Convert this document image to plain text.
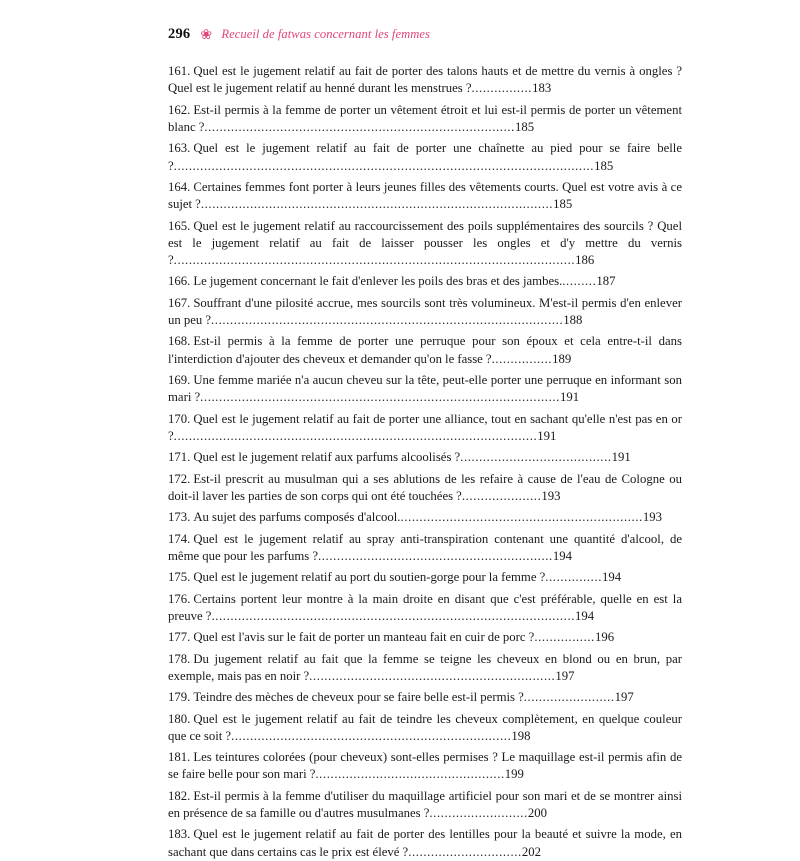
296 ❀ Recueil de fatwas concernant les femmes
161. Quel est le jugement relatif au fait de porter des talons hauts et de mettre du vernis à ongles ? Quel est le jugement relatif au henné durant les menstrues ?................183
162. Est-il permis à la femme de porter un vêtement étroit et lui est-il permis de porter un vêtement blanc ?..................................................................................185
163. Quel est le jugement relatif au fait de porter une chaînette au pied pour se faire belle ?...............................................................................................................185
164. Certaines femmes font porter à leurs jeunes filles des vêtements courts. Quel est votre avis à ce sujet ?.............................................................................................185
165. Quel est le jugement relatif au raccourcissement des poils supplémentaires des sourcils ? Quel est le jugement relatif au fait de laisser pousser les ongles et d'y mettre du vernis ?..........................................................................................................186
166. Le jugement concernant le fait d'enlever les poils des bras et des jambes..........187
167. Souffrant d'une pilosité accrue, mes sourcils sont très volumineux. M'est-il permis d'en enlever un peu ?.............................................................................................188
168. Est-il permis à la femme de porter une perruque pour son époux et cela entre-t-il dans l'interdiction d'ajouter des cheveux et demander qu'on le fasse ?................189
169. Une femme mariée n'a aucun cheveu sur la tête, peut-elle porter une perruque en informant son mari ?...............................................................................................191
170. Quel est le jugement relatif au fait de porter une alliance, tout en sachant qu'elle n'est pas en or ?................................................................................................191
171. Quel est le jugement relatif aux parfums alcoolisés ?........................................191
172. Est-il prescrit au musulman qui a ses ablutions de les refaire à cause de l'eau de Cologne ou doit-il laver les parties de son corps qui ont été touchées ?.....................193
173. Au sujet des parfums composés d'alcool.................................................................193
174. Quel est le jugement relatif au spray anti-transpiration contenant une quantité d'alcool, de même que pour les parfums ?..............................................................194
175. Quel est le jugement relatif au port du soutien-gorge pour la femme ?...............194
176. Certains portent leur montre à la main droite en disant que c'est préférable, quelle en est la preuve ?................................................................................................194
177. Quel est l'avis sur le fait de porter un manteau fait en cuir de porc ?................196
178. Du jugement relatif au fait que la femme se teigne les cheveux en blond ou en brun, par exemple, mais pas en noir ?.................................................................197
179. Teindre des mèches de cheveux pour se faire belle est-il permis ?........................197
180. Quel est le jugement relatif au fait de teindre les cheveux complètement, en quelque couleur que ce soit ?..........................................................................198
181. Les teintures colorées (pour cheveux) sont-elles permises ? Le maquillage est-il permis afin de se faire belle pour son mari ?..................................................199
182. Est-il permis à la femme d'utiliser du maquillage artificiel pour son mari et de se montrer ainsi en présence de sa famille ou d'autres musulmanes ?..........................200
183. Quel est le jugement relatif au fait de porter des lentilles pour la beauté et suivre la mode, en sachant que dans certains cas le prix est élevé ?..............................202
